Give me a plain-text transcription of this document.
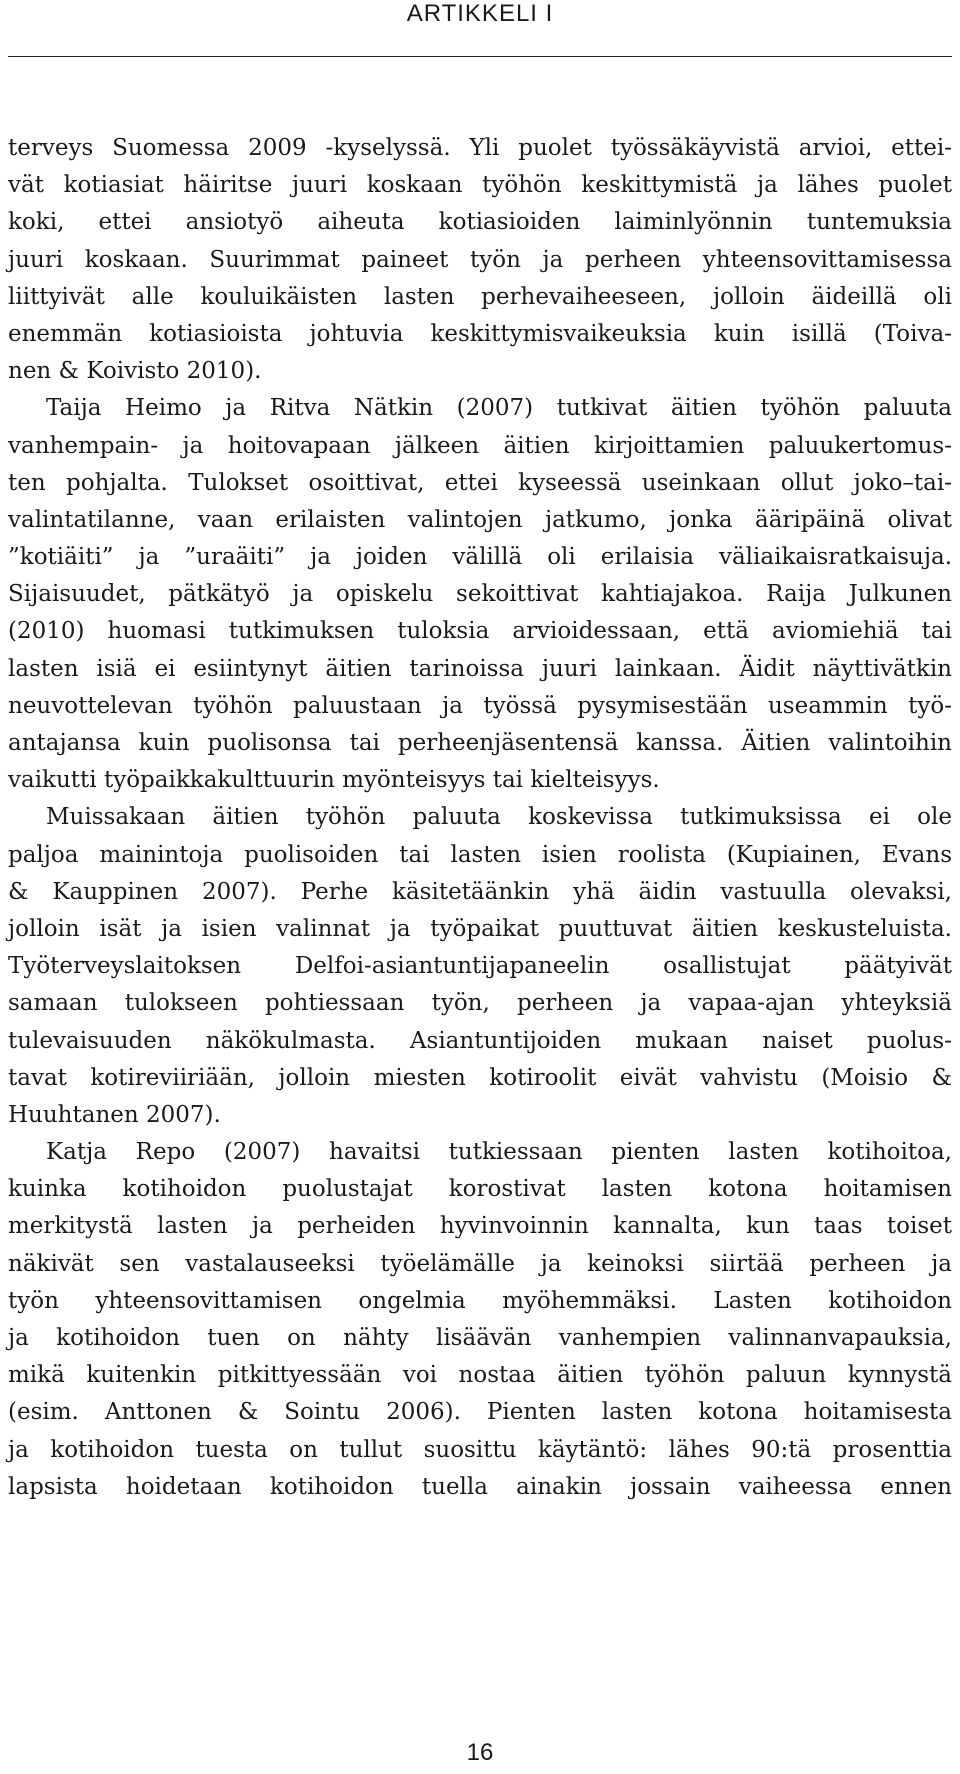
ARTIKKELI I
terveys Suomessa 2009 -kyselyssä. Yli puolet työssäkäyvistä arvioi, ettei-
vät kotiasiat häiritse juuri koskaan työhön keskittymistä ja lähes puolet
koki, ettei ansiotyö aiheuta kotiasioiden laiminlyönnin tuntemuksia
juuri koskaan. Suurimmat paineet työn ja perheen yhteensovittamisessa
liittyivät alle kouluikäisten lasten perhevaiheeseen, jolloin äideillä oli
enemmän kotiasioista johtuvia keskittymisvaikeuksia kuin isillä (Toiva-
nen & Koivisto 2010).
Taija Heimo ja Ritva Nätkin (2007) tutkivat äitien työhön paluuta
vanhempain- ja hoitovapaan jälkeen äitien kirjoittamien paluukertomus-
ten pohjalta. Tulokset osoittivat, ettei kyseessä useinkaan ollut joko–tai-
valintatilanne, vaan erilaisten valintojen jatkumo, jonka ääripäinä olivat
”kotiäiti” ja ”uraäiti” ja joiden välillä oli erilaisia väliaikaisratkaisuja.
Sijaisuudet, pätkätyö ja opiskelu sekoittivat kahtiajakoa. Raija Julkunen
(2010) huomasi tutkimuksen tuloksia arvioidessaan, että aviomiehiä tai
lasten isiä ei esiintynyt äitien tarinoissa juuri lainkaan. Äidit näyttivätkin
neuvottelevan työhön paluustaan ja työssä pysymisestään useammin työ-
antajansa kuin puolisonsa tai perheenjäsentensä kanssa. Äitien valintoihin
vaikutti työpaikkakulttuurin myönteisyys tai kielteisyys.
Muissakaan äitien työhön paluuta koskevissa tutkimuksissa ei ole
paljoa mainintoja puolisoiden tai lasten isien roolista (Kupiainen, Evans
& Kauppinen 2007). Perhe käsitetäänkin yhä äidin vastuulla olevaksi,
jolloin isät ja isien valinnat ja työpaikat puuttuvat äitien keskusteluista.
Työterveyslaitoksen Delfoi-asiantuntijapaneelin osallistujat päätyivät
samaan tulokseen pohtiessaan työn, perheen ja vapaa-ajan yhteyksiä
tulevaisuuden näkökulmasta. Asiantuntijoiden mukaan naiset puolus-
tavat kotireviiriään, jolloin miesten kotiroolit eivät vahvistu (Moisio &
Huuhtanen 2007).
Katja Repo (2007) havaitsi tutkiessaan pienten lasten kotihoitoa,
kuinka kotihoidon puolustajat korostivat lasten kotona hoitamisen
merkitystä lasten ja perheiden hyvinvoinnin kannalta, kun taas toiset
näkivät sen vastalauseeksi työelämälle ja keinoksi siirtää perheen ja
työn yhteensovittamisen ongelmia myöhemmäksi. Lasten kotihoidon
ja kotihoidon tuen on nähty lisäävän vanhempien valinnanvapauksia,
mikä kuitenkin pitkittyessään voi nostaa äitien työhön paluun kynnystä
(esim. Anttonen & Sointu 2006). Pienten lasten kotona hoitamisesta
ja kotihoidon tuesta on tullut suosittu käytäntö: lähes 90:tä prosenttia
lapsista hoidetaan kotihoidon tuella ainakin jossain vaiheessa ennen
16
